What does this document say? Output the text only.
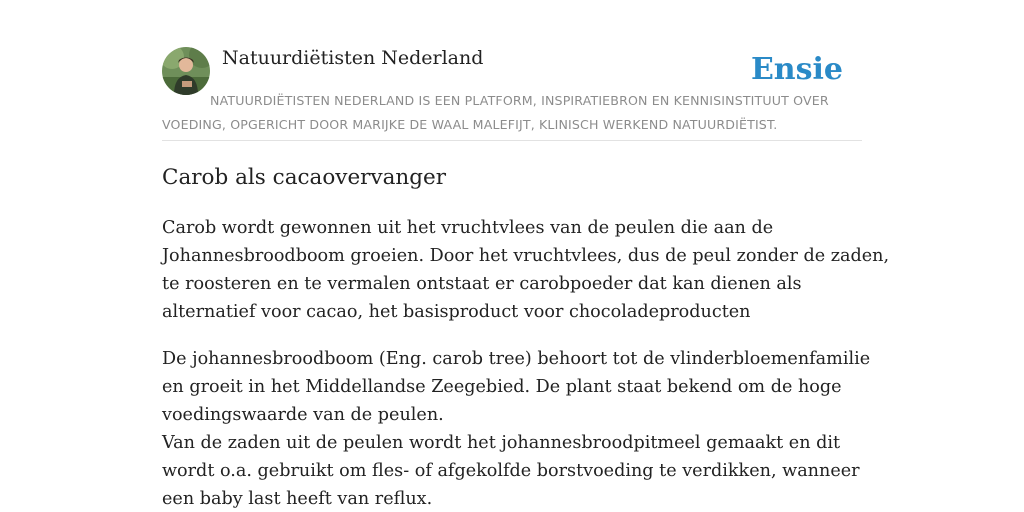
Natuurdiëtisten Nederland	Ensie

NATUURDIËTISTEN NEDERLAND IS EEN PLATFORM, INSPIRATIEBRON EN KENNISINSTITUUT OVER VOEDING, OPGERICHT DOOR MARIJKE DE WAAL MALEFIJT, KLINISCH WERKEND NATUURDIËTIST.

Carob als cacaovervanger

Carob wordt gewonnen uit het vruchtvlees van de peulen die aan de
Johannesbroodboom groeien. Door het vruchtvlees, dus de peul zonder de zaden,
te roosteren en te vermalen ontstaat er carobpoeder dat kan dienen als
alternatief voor cacao, het basisproduct voor chocoladeproducten

De johannesbroodboom (Eng. carob tree) behoort tot de vlinderbloemenfamilie
en groeit in het Middellandse Zeegebied. De plant staat bekend om de hoge
voedingswaarde van de peulen.
Van de zaden uit de peulen wordt het johannesbroodpitmeel gemaakt en dit
wordt o.a. gebruikt om fles- of afgekolfde borstvoeding te verdikken, wanneer
een baby last heeft van reflux.
